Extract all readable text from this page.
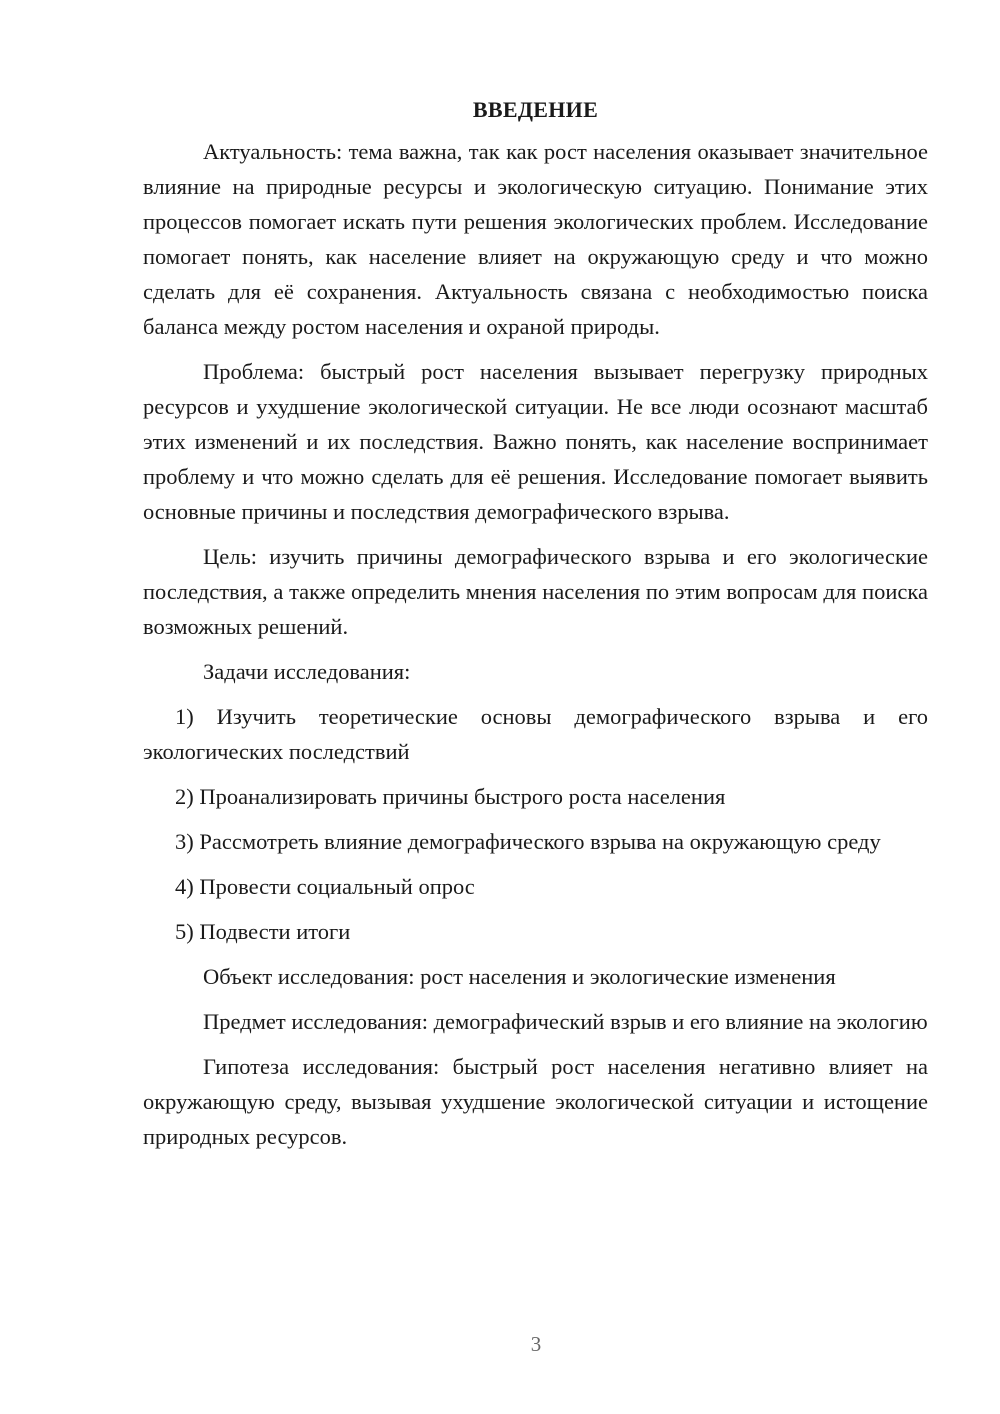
ВВЕДЕНИЕ

Актуальность: тема важна, так как рост населения оказывает значительное влияние на природные ресурсы и экологическую ситуацию. Понимание этих процессов помогает искать пути решения экологических проблем. Исследование помогает понять, как население влияет на окружающую среду и что можно сделать для её сохранения. Актуальность связана с необходимостью поиска баланса между ростом населения и охраной природы.

Проблема: быстрый рост населения вызывает перегрузку природных ресурсов и ухудшение экологической ситуации. Не все люди осознают масштаб этих изменений и их последствия. Важно понять, как население воспринимает проблему и что можно сделать для её решения. Исследование помогает выявить основные причины и последствия демографического взрыва.

Цель: изучить причины демографического взрыва и его экологические последствия, а также определить мнения населения по этим вопросам для поиска возможных решений.

Задачи исследования:

1) Изучить теоретические основы демографического взрыва и его экологических последствий

2) Проанализировать причины быстрого роста населения

3) Рассмотреть влияние демографического взрыва на окружающую среду

4) Провести социальный опрос

5) Подвести итоги

Объект исследования: рост населения и экологические изменения

Предмет исследования: демографический взрыв и его влияние на экологию

Гипотеза исследования: быстрый рост населения негативно влияет на окружающую среду, вызывая ухудшение экологической ситуации и истощение природных ресурсов.

3
